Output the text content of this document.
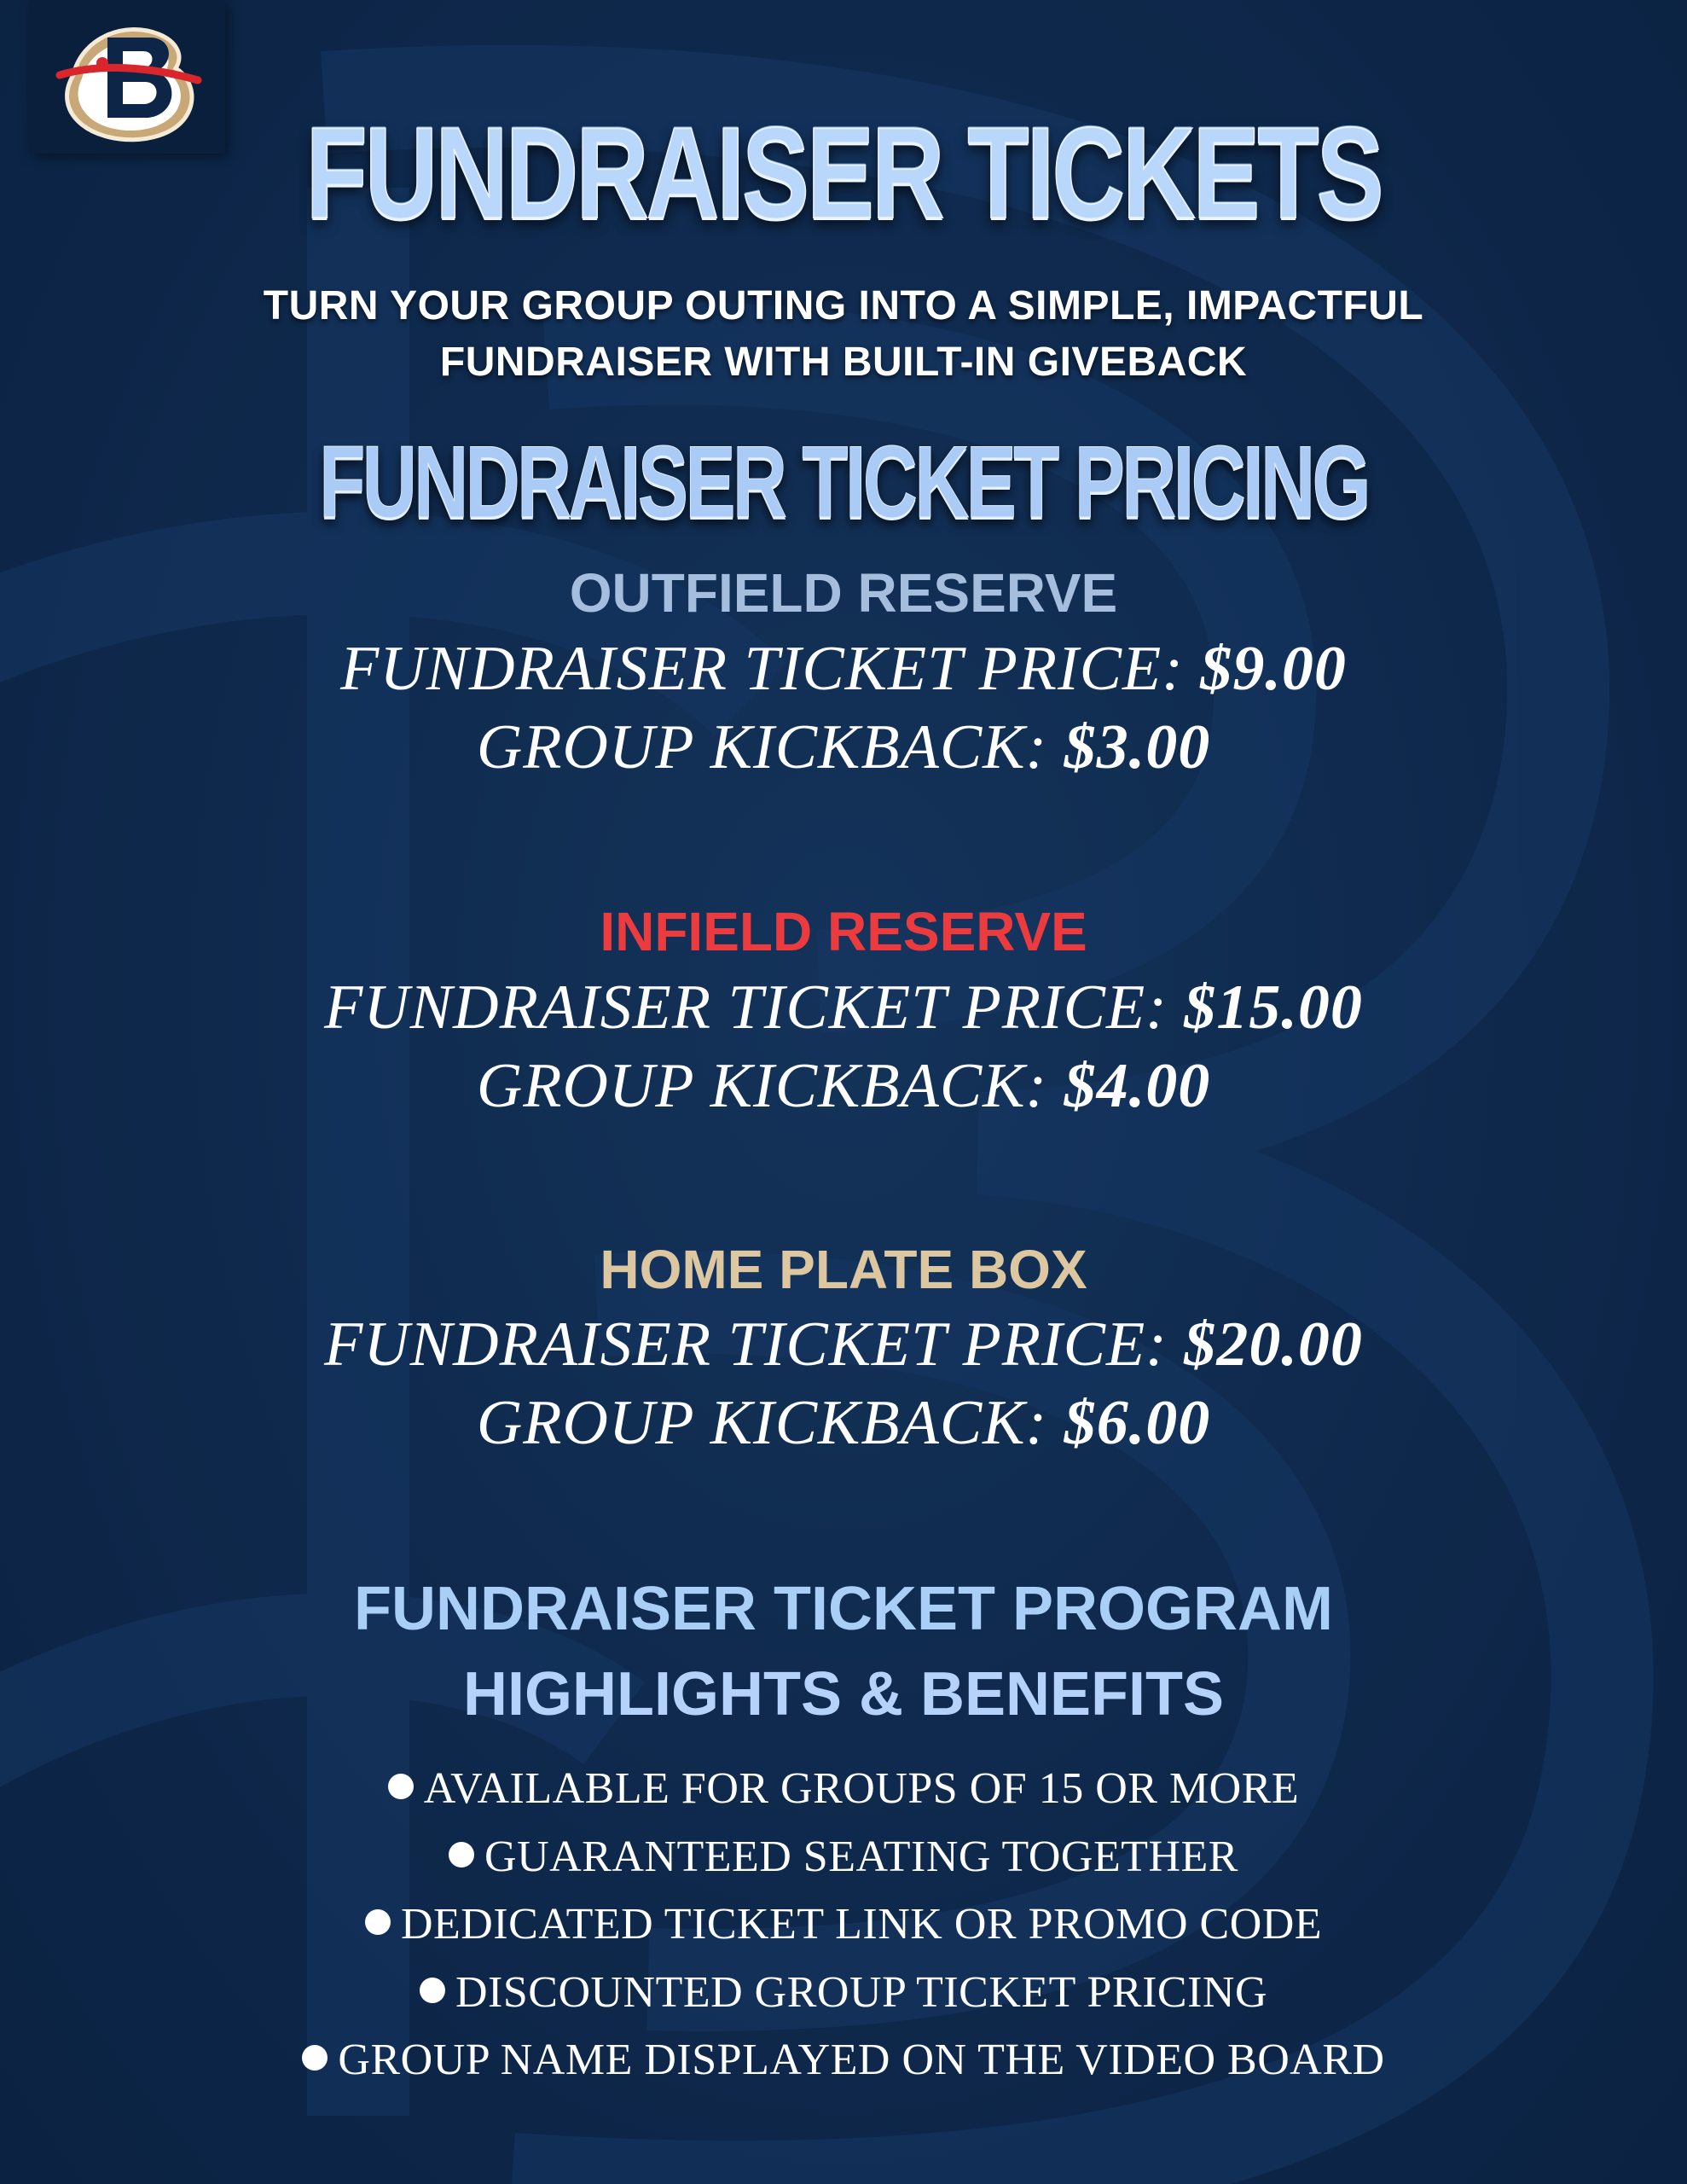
FUNDRAISER TICKETS
TURN YOUR GROUP OUTING INTO A SIMPLE, IMPACTFUL
FUNDRAISER WITH BUILT-IN GIVEBACK
FUNDRAISER TICKET PRICING
OUTFIELD RESERVE
FUNDRAISER TICKET PRICE: $9.00
GROUP KICKBACK: $3.00
INFIELD RESERVE
FUNDRAISER TICKET PRICE: $15.00
GROUP KICKBACK: $4.00
HOME PLATE BOX
FUNDRAISER TICKET PRICE: $20.00
GROUP KICKBACK: $6.00
FUNDRAISER TICKET PROGRAM
HIGHLIGHTS & BENEFITS
AVAILABLE FOR GROUPS OF 15 OR MORE
GUARANTEED SEATING TOGETHER
DEDICATED TICKET LINK OR PROMO CODE
DISCOUNTED GROUP TICKET PRICING
GROUP NAME DISPLAYED ON THE VIDEO BOARD
